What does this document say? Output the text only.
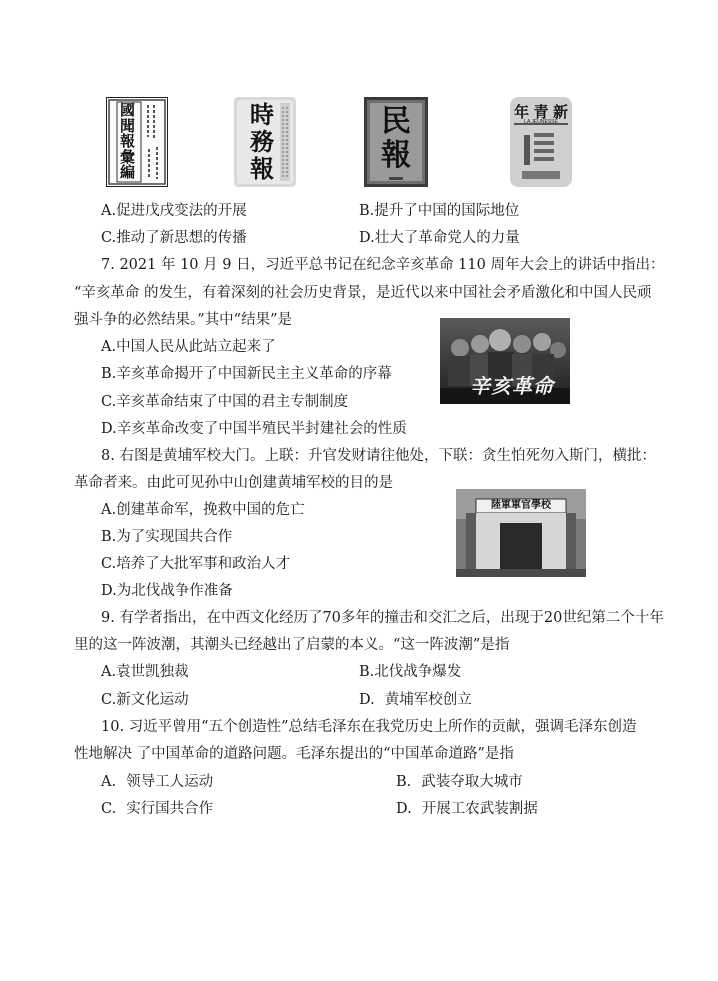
國
聞
報
彙
編
時
務
報
民
報
年 青 新
LA JEUNESSE
A.促进戊戌变法的开展	B.提升了中国的国际地位
C.推动了新思想的传播	D.壮大了革命党人的力量
7. 2021 年 10 月 9 日，习近平总书记在纪念辛亥革命 110 周年大会上的讲话中指出：
“辛亥革命 的发生，有着深刻的社会历史背景，是近代以来中国社会矛盾激化和中国人民顽
强斗争的必然结果。”其中“结果”是
辛亥革命
A.中国人民从此站立起来了
B.辛亥革命揭开了中国新民主主义革命的序幕
C.辛亥革命结束了中国的君主专制制度
D.辛亥革命改变了中国半殖民半封建社会的性质
8. 右图是黄埔军校大门。上联：升官发财请往他处，下联：贪生怕死勿入斯门，横批：
革命者来。由此可见孙中山创建黄埔军校的目的是
陸軍軍官學校
A.创建革命军，挽救中国的危亡
B.为了实现国共合作
C.培养了大批军事和政治人才
D.为北伐战争作准备
9. 有学者指出，在中西文化经历了70多年的撞击和交汇之后，出现于20世纪第二个十年
里的这一阵波潮，其潮头已经越出了启蒙的本义。“这一阵波潮”是指
A.袁世凯独裁	B.北伐战争爆发
C.新文化运动	D. 黄埔军校创立
10. 习近平曾用“五个创造性”总结毛泽东在我党历史上所作的贡献，强调毛泽东创造
性地解决 了中国革命的道路问题。毛泽东提出的“中国革命道路”是指
A. 领导工人运动	B. 武装夺取大城市
C. 实行国共合作	D. 开展工农武装割据
